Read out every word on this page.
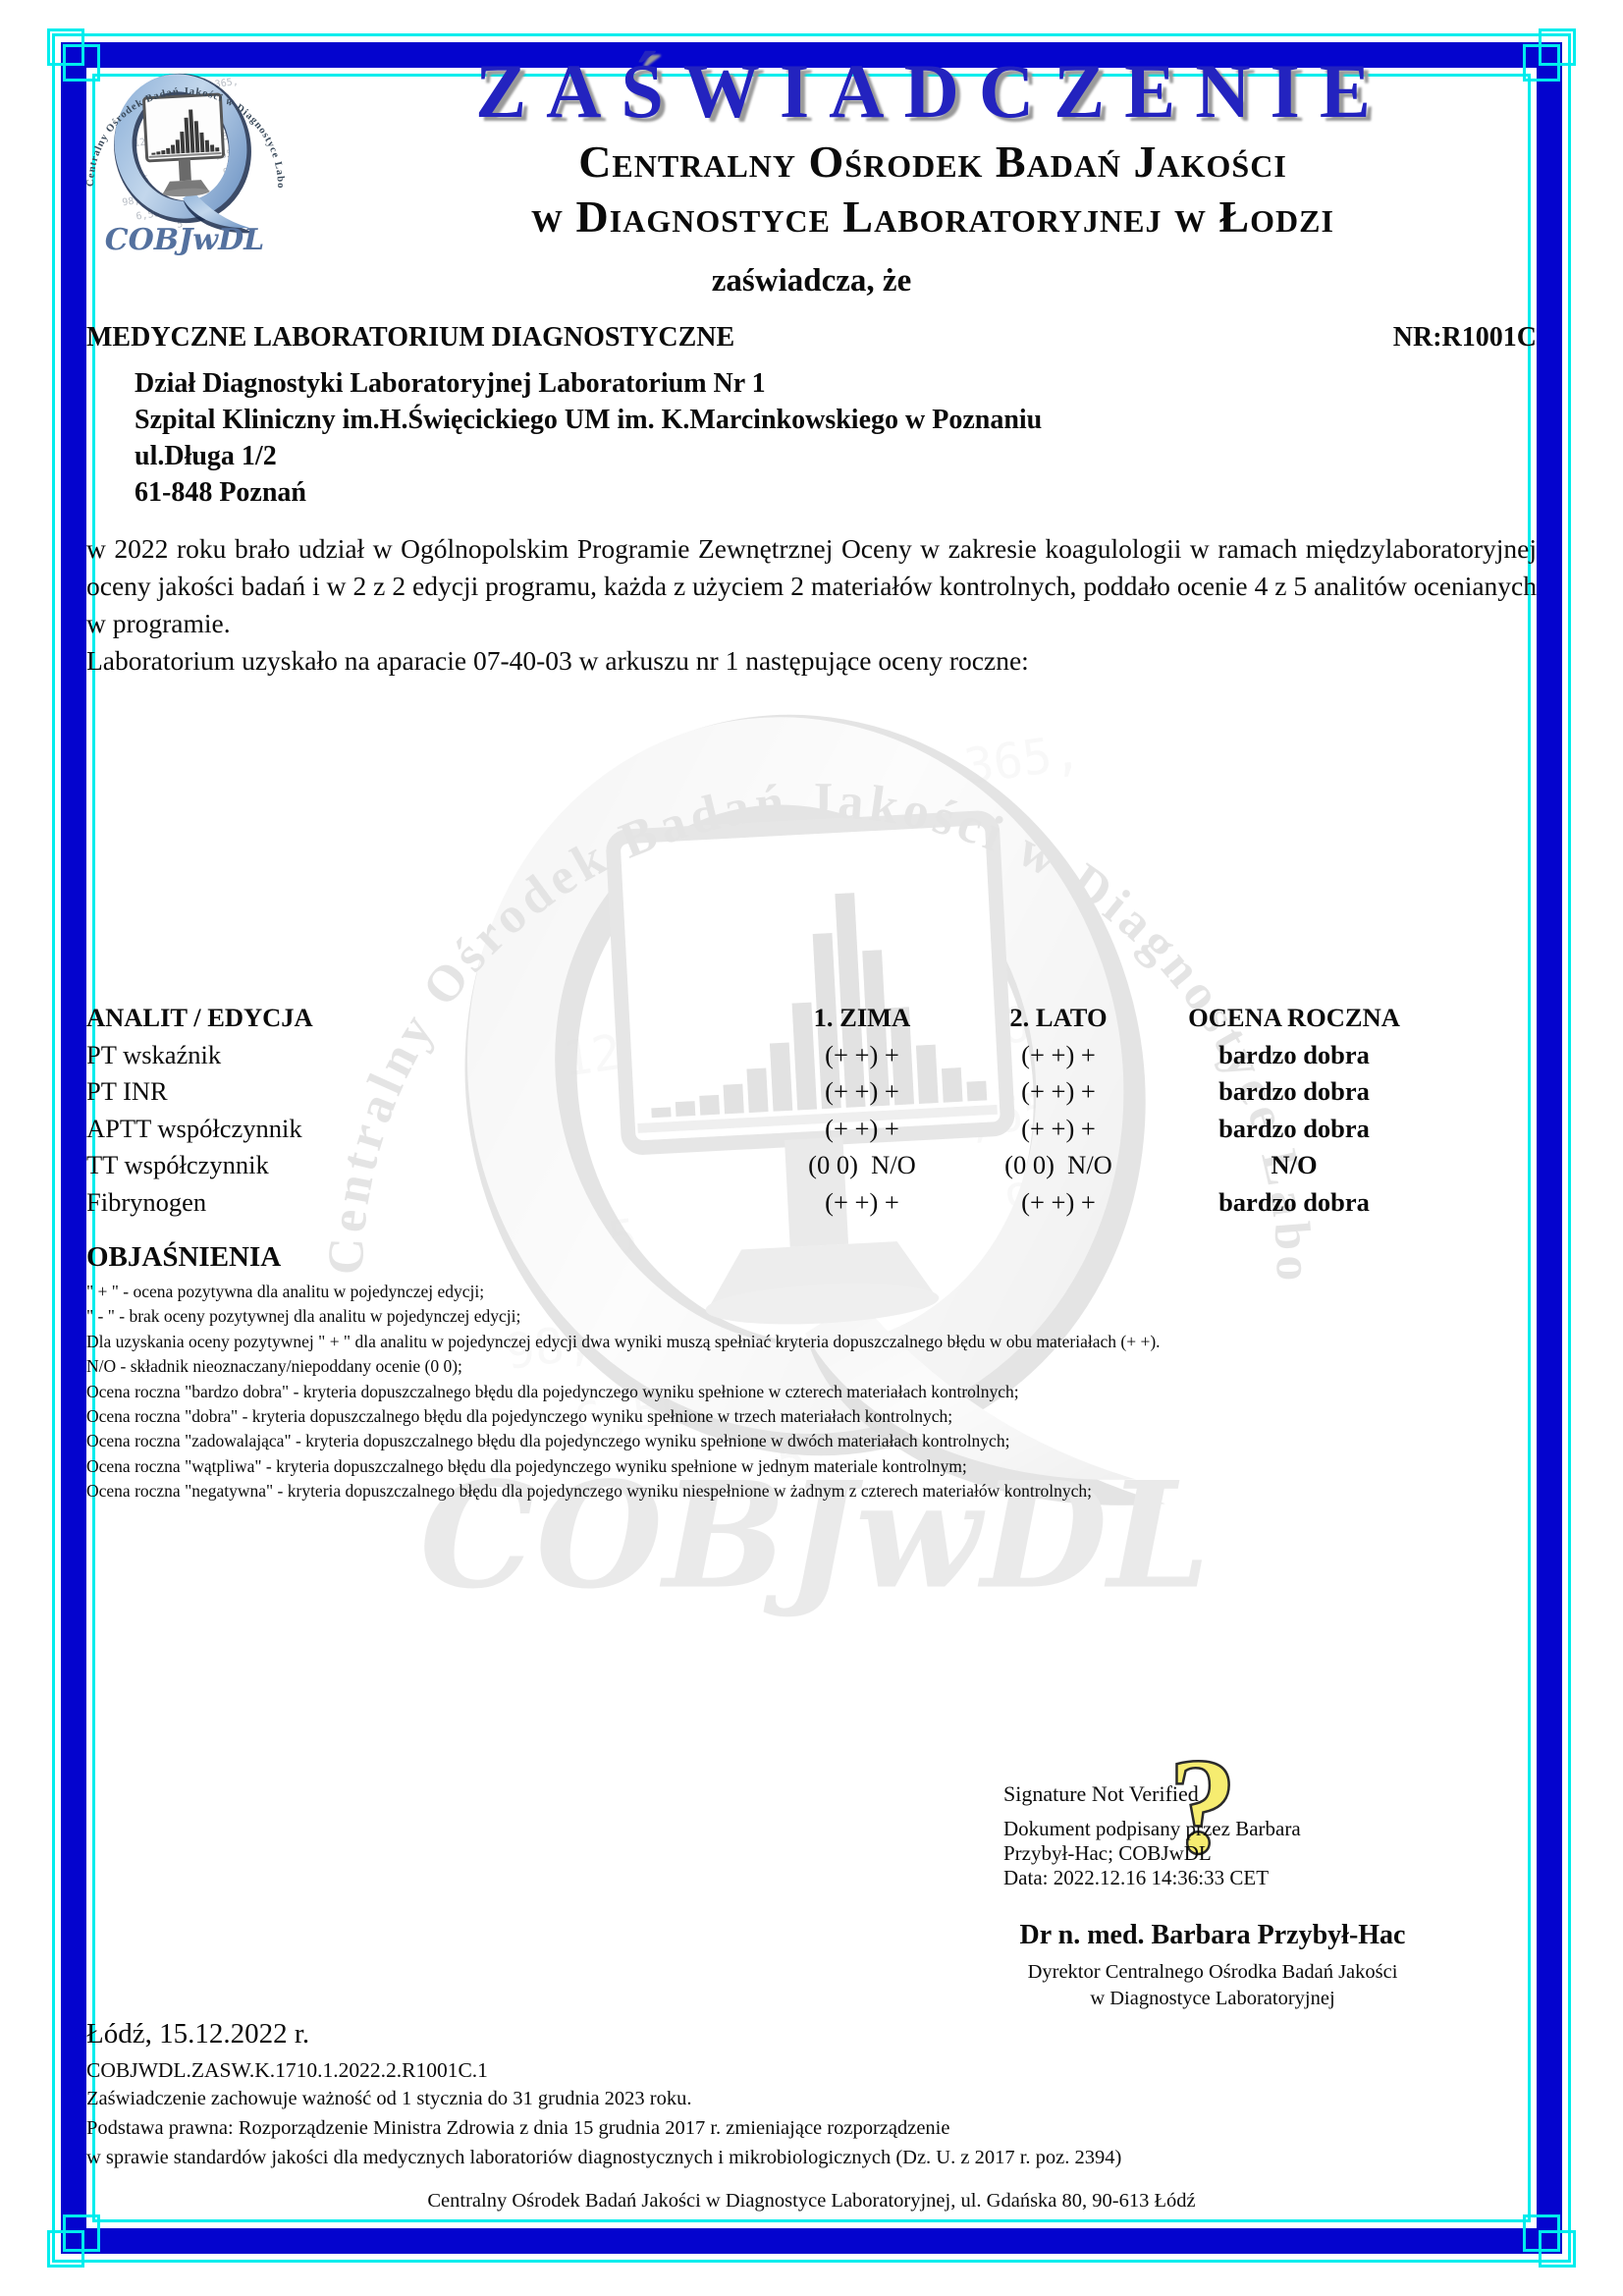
ZAŚWIADCZENIE
Centralny Ośrodek Badań Jakości
w Diagnostyce Laboratoryjnej w Łodzi
zaświadcza, że
MEDYCZNE LABORATORIUM DIAGNOSTYCZNE	NR:R1001C
Dział Diagnostyki Laboratoryjnej Laboratorium Nr 1
Szpital Kliniczny im.H.Święcickiego UM im. K.Marcinkowskiego w Poznaniu
ul.Długa 1/2
61-848 Poznań
w 2022 roku brało udział w Ogólnopolskim Programie Zewnętrznej Oceny w zakresie koagulologii w ramach międzylaboratoryjnej oceny jakości badań i w 2 z 2 edycji programu, każda z użyciem 2 materiałów kontrolnych, poddało ocenie 4 z 5 analitów ocenianych w programie.
Laboratorium uzyskało na aparacie 07-40-03 w arkuszu nr 1 następujące oceny roczne:
ANALIT / EDYCJA	1. ZIMA	2. LATO	OCENA ROCZNA
PT wskaźnik	(+ +) +	(+ +) +	bardzo dobra
PT INR	(+ +) +	(+ +) +	bardzo dobra
APTT współczynnik	(+ +) +	(+ +) +	bardzo dobra
TT współczynnik	(0 0)  N/O	(0 0)  N/O	N/O
Fibrynogen	(+ +) +	(+ +) +	bardzo dobra
OBJAŚNIENIA
" + " - ocena pozytywna dla analitu w pojedynczej edycji;
" - " - brak oceny pozytywnej dla analitu w pojedynczej edycji;
Dla uzyskania oceny pozytywnej " + " dla analitu w pojedynczej edycji dwa wyniki muszą spełniać kryteria dopuszczalnego błędu w obu materiałach (+ +).
N/O - składnik nieoznaczany/niepoddany ocenie (0 0);
Ocena roczna "bardzo dobra" - kryteria dopuszczalnego błędu dla pojedynczego wyniku spełnione w czterech materiałach kontrolnych;
Ocena roczna "dobra" - kryteria dopuszczalnego błędu dla pojedynczego wyniku spełnione w trzech materiałach kontrolnych;
Ocena roczna "zadowalająca" - kryteria dopuszczalnego błędu dla pojedynczego wyniku spełnione w dwóch materiałach kontrolnych;
Ocena roczna "wątpliwa" - kryteria dopuszczalnego błędu dla pojedynczego wyniku spełnione w jednym materiale kontrolnym;
Ocena roczna "negatywna" - kryteria dopuszczalnego błędu dla pojedynczego wyniku niespełnione w żadnym z czterech materiałów kontrolnych;
?
Signature Not Verified
Dokument podpisany przez Barbara
Przybył-Hac; COBJwDL
Data: 2022.12.16 14:36:33 CET
Dr n. med. Barbara Przybył-Hac
Dyrektor Centralnego Ośrodka Badań Jakości
w Diagnostyce Laboratoryjnej
Łódź, 15.12.2022 r.
COBJWDL.ZASW.K.1710.1.2022.2.R1001C.1
Zaświadczenie zachowuje ważność od 1 stycznia do 31 grudnia 2023 roku.
Podstawa prawna: Rozporządzenie Ministra Zdrowia z dnia 15 grudnia 2017 r. zmieniające rozporządzenie
w sprawie standardów jakości dla medycznych laboratoriów diagnostycznych i mikrobiologicznych (Dz. U. z 2017 r. poz. 2394)
Centralny Ośrodek Badań Jakości w Diagnostyce Laboratoryjnej, ul. Gdańska 80, 90-613 Łódź
